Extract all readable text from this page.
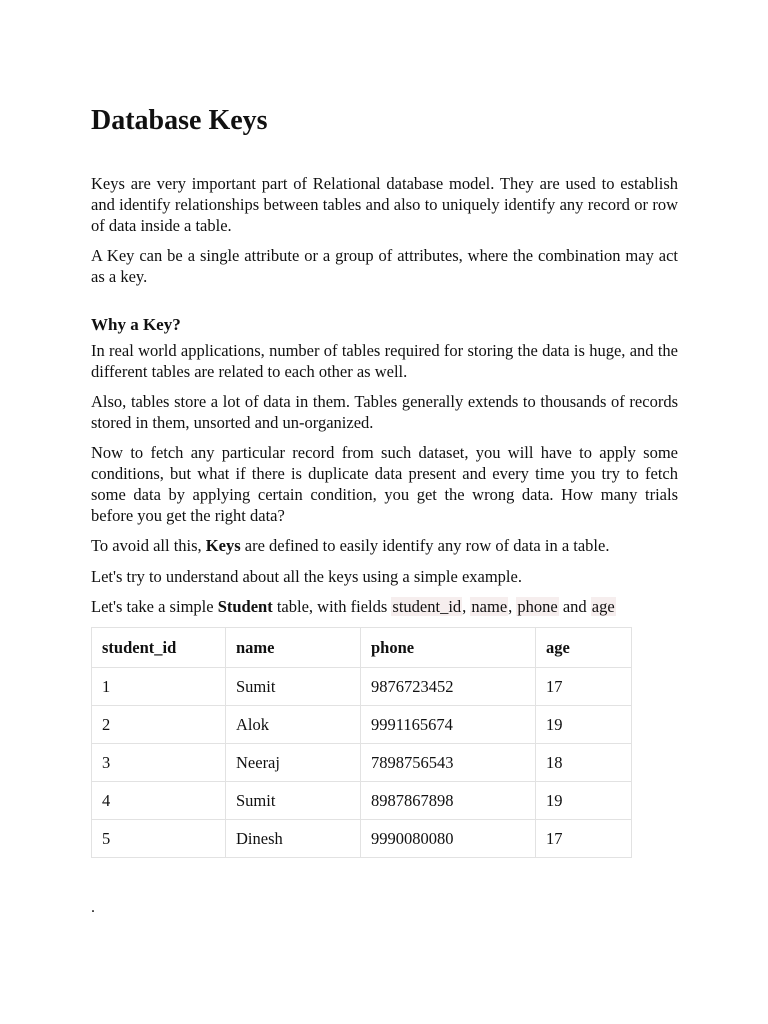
Database Keys

Keys are very important part of Relational database model. They are used to establish and identify relationships between tables and also to uniquely identify any record or row of data inside a table.

A Key can be a single attribute or a group of attributes, where the combination may act as a key.

Why a Key?

In real world applications, number of tables required for storing the data is huge, and the different tables are related to each other as well.

Also, tables store a lot of data in them. Tables generally extends to thousands of records stored in them, unsorted and un-organized.

Now to fetch any particular record from such dataset, you will have to apply some conditions, but what if there is duplicate data present and every time you try to fetch some data by applying certain condition, you get the wrong data. How many trials before you get the right data?

To avoid all this, Keys are defined to easily identify any row of data in a table.

Let's try to understand about all the keys using a simple example.

Let's take a simple Student table, with fields student_id, name, phone and age

student_id	name	phone	age
1	Sumit	9876723452	17
2	Alok	9991165674	19
3	Neeraj	7898756543	18
4	Sumit	8987867898	19
5	Dinesh	9990080080	17
.
